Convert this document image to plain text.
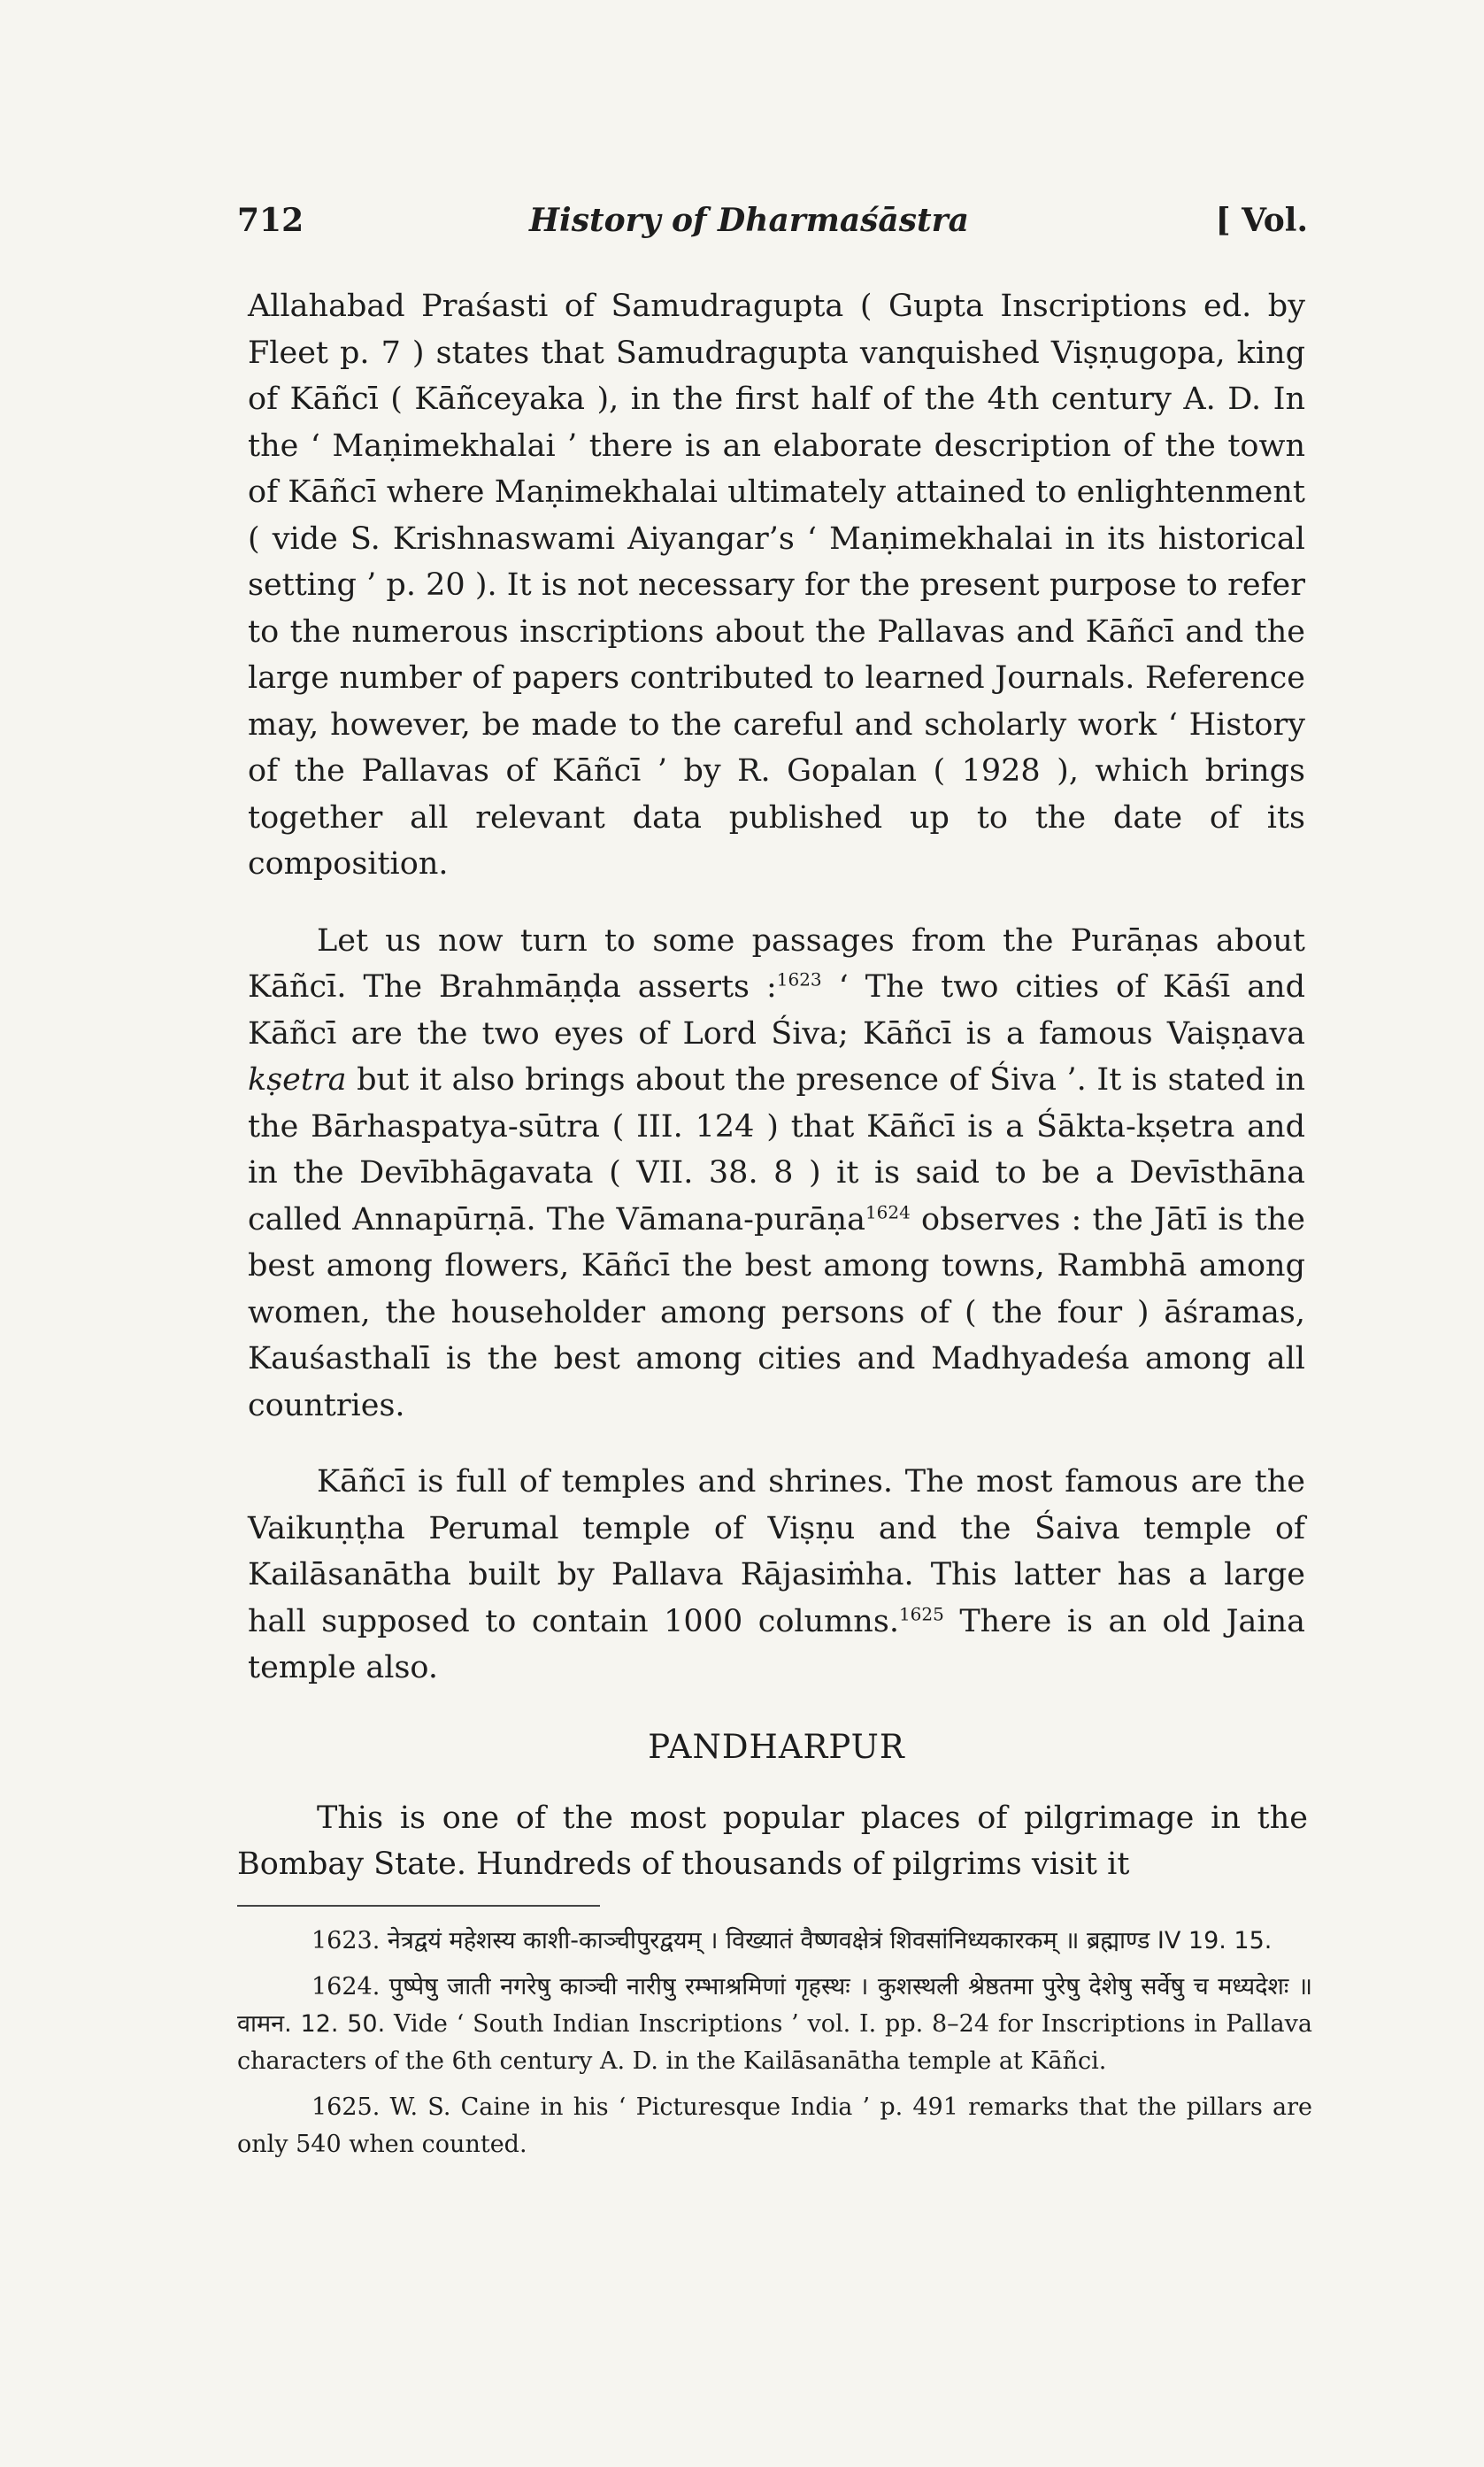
712	History of Dharmaśāstra	[ Vol.

Allahabad Praśasti of Samudragupta ( Gupta Inscriptions ed. by Fleet p. 7 ) states that Samudragupta vanquished Viṣṇugopa, king of Kāñcī ( Kāñceyaka ), in the first half of the 4th century A. D. In the ‘ Maṇimekhalai ’ there is an elaborate description of the town of Kāñcī where Maṇimekhalai ultimately attained to enlightenment ( vide S. Krishnaswami Aiyangar’s ‘ Maṇimekhalai in its historical setting ’ p. 20 ). It is not necessary for the present purpose to refer to the numerous inscriptions about the Pallavas and Kāñcī and the large number of papers contributed to learned Journals. Reference may, however, be made to the careful and scholarly work ‘ History of the Pallavas of Kāñcī ’ by R. Gopalan ( 1928 ), which brings together all relevant data published up to the date of its composition.

Let us now turn to some passages from the Purāṇas about Kāñcī. The Brahmāṇḍa asserts :$^{1623}$ ‘ The two cities of Kāśī and Kāñcī are the two eyes of Lord Śiva; Kāñcī is a famous Vaiṣṇava kṣetra but it also brings about the presence of Śiva ’. It is stated in the Bārhaspatya-sūtra ( III. 124 ) that Kāñcī is a Śākta-kṣetra and in the Devībhāgavata ( VII. 38. 8 ) it is said to be a Devīsthāna called Annapūrṇā. The Vāmana-purāṇa$^{1624}$ observes : the Jātī is the best among flowers, Kāñcī the best among towns, Rambhā among women, the householder among persons of ( the four ) āśramas, Kauśasthalī is the best among cities and Madhyadeśa among all countries.

Kāñcī is full of temples and shrines. The most famous are the Vaikuṇṭha Perumal temple of Viṣṇu and the Śaiva temple of Kailāsanātha built by Pallava Rājasiṁha. This latter has a large hall supposed to contain 1000 columns.$^{1625}$ There is an old Jaina temple also.

PANDHARPUR

This is one of the most popular places of pilgrimage in the Bombay State. Hundreds of thousands of pilgrims visit it

1623. नेत्रद्वयं महेशस्य काशी-काञ्चीपुरद्वयम् । विख्यातं वैष्णवक्षेत्रं शिवसांनिध्यकारकम् ॥ ब्रह्माण्ड IV 19. 15.

1624. पुष्पेषु जाती नगरेषु काञ्ची नारीषु रम्भाश्रमिणां गृहस्थः । कुशस्थली श्रेष्ठतमा पुरेषु देशेषु सर्वेषु च मध्यदेशः ॥ वामन. 12. 50. Vide ‘ South Indian Inscriptions ’ vol. I. pp. 8–24 for Inscriptions in Pallava characters of the 6th century A. D. in the Kailāsanātha temple at Kāñci.

1625. W. S. Caine in his ‘ Picturesque India ’ p. 491 remarks that the pillars are only 540 when counted.
